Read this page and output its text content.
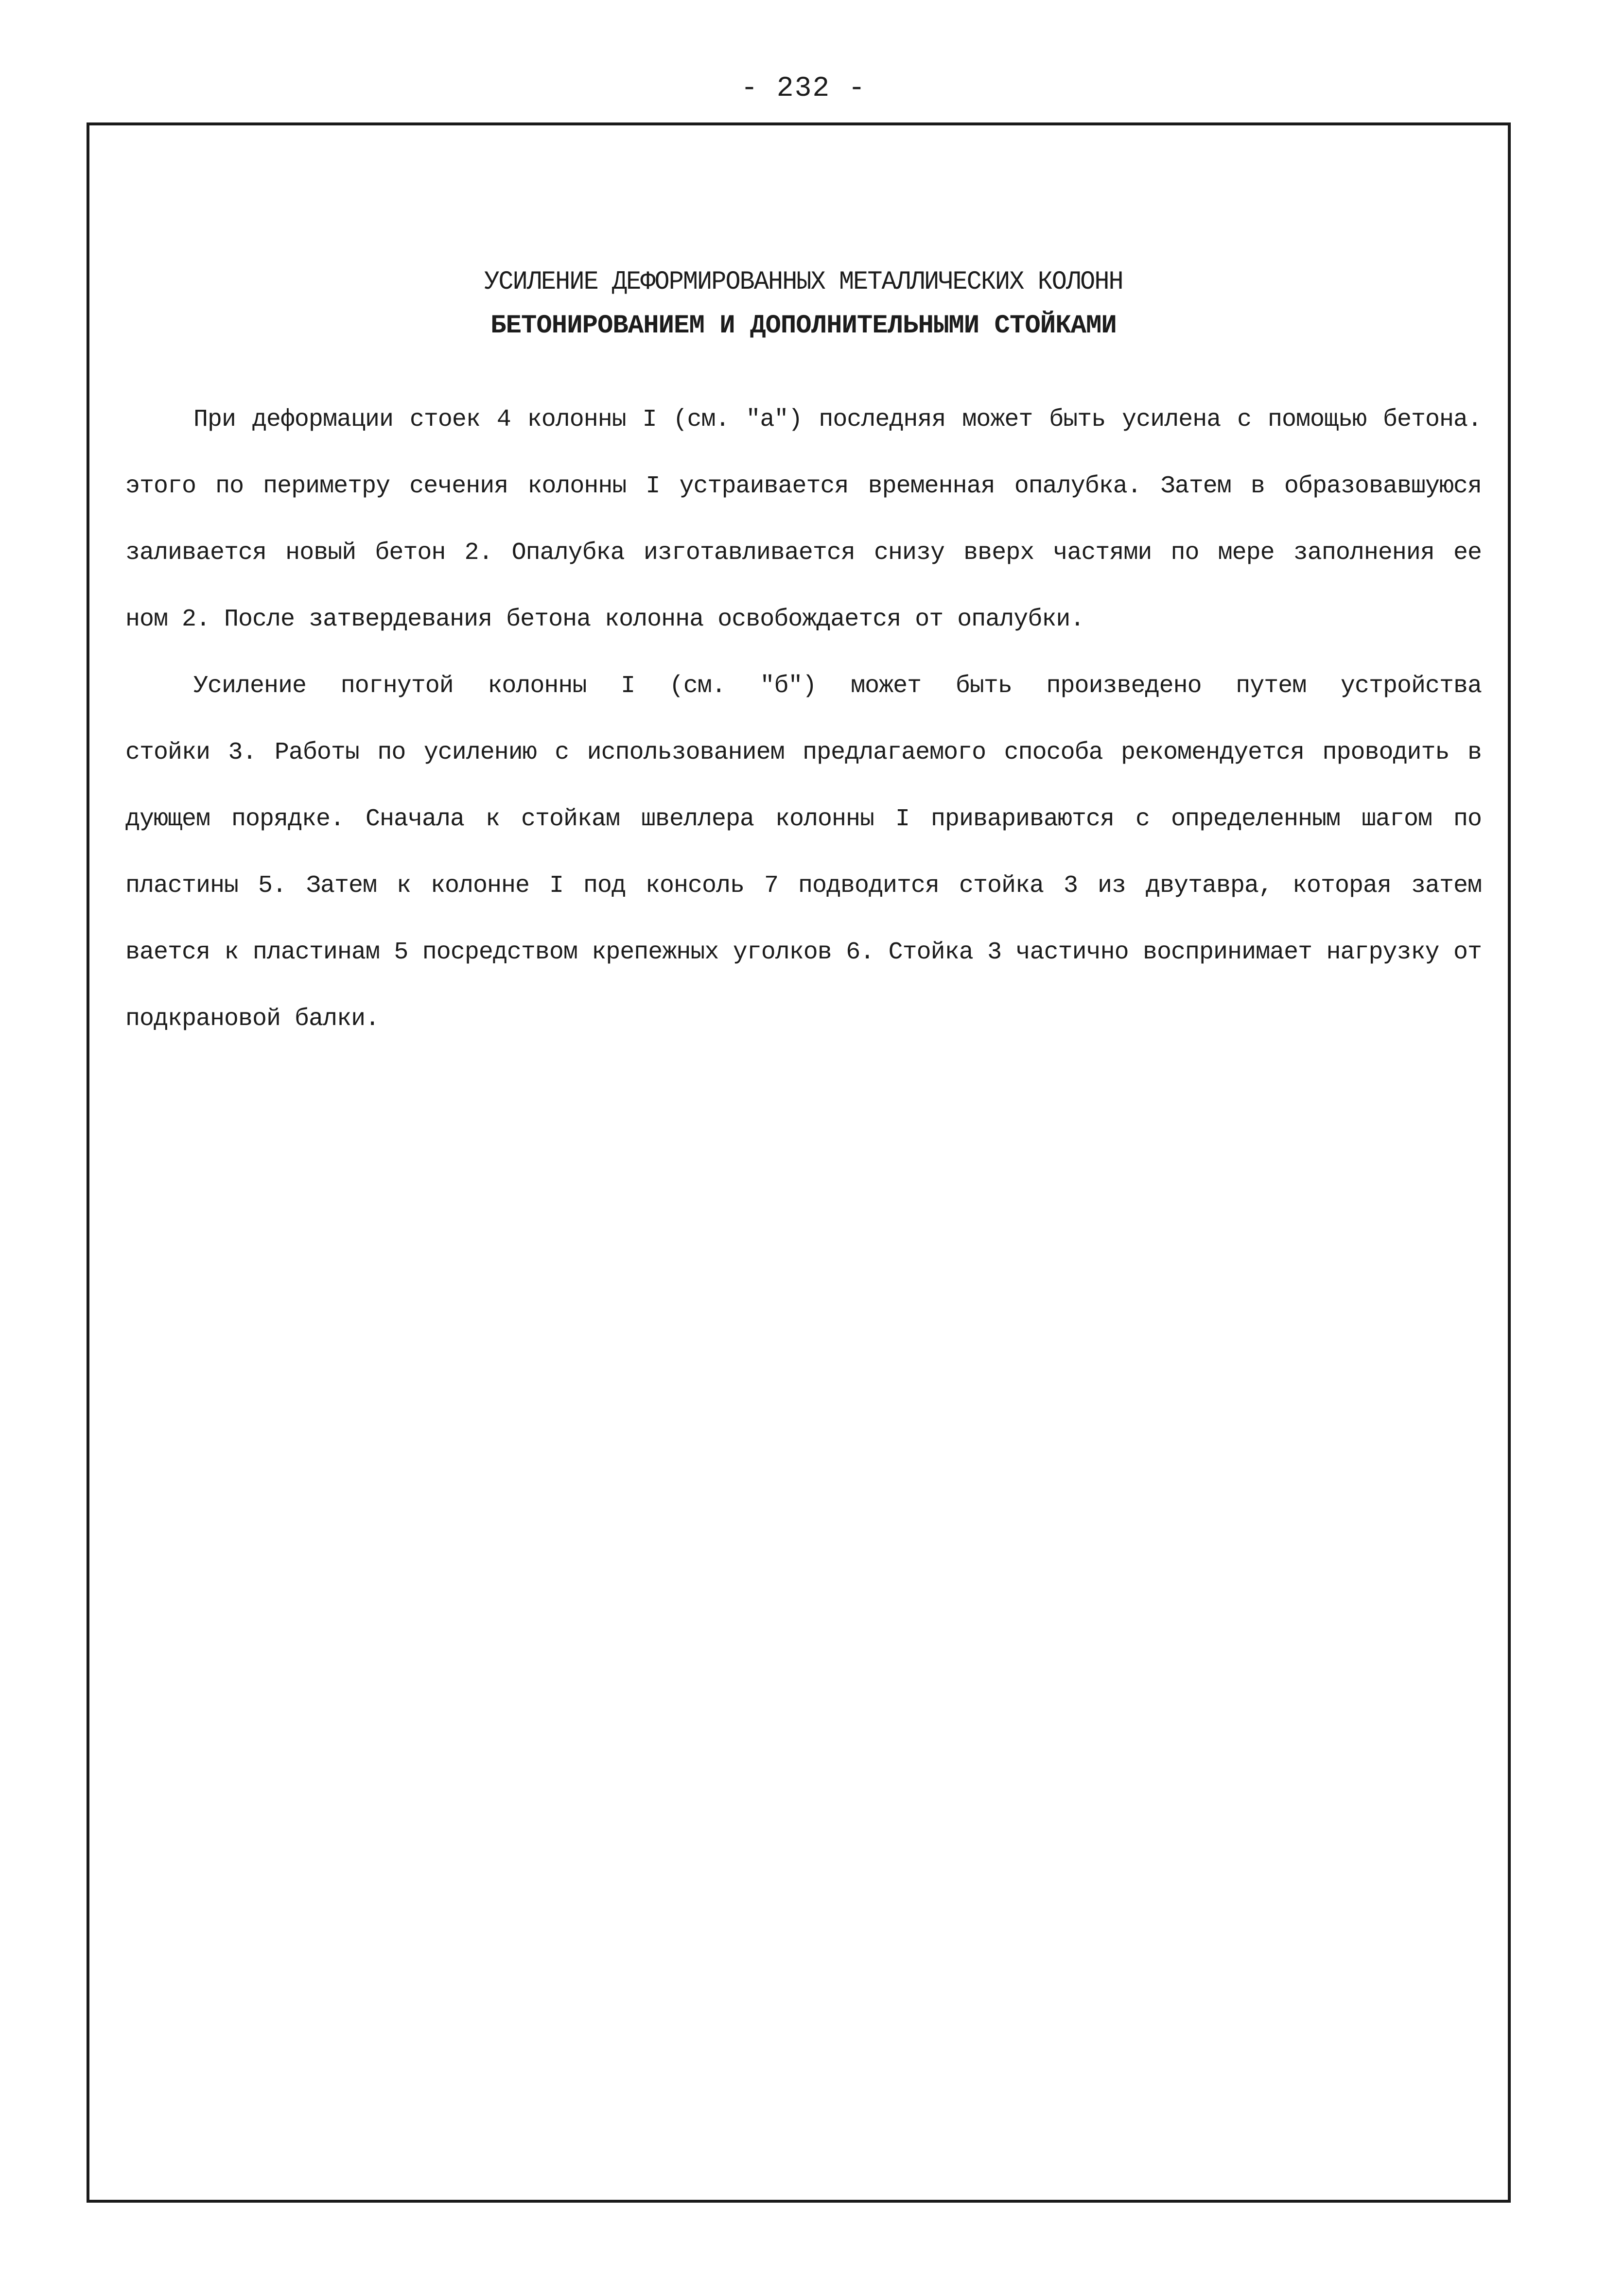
- 232 -
УСИЛЕНИЕ ДЕФОРМИРОВАННЫХ МЕТАЛЛИЧЕСКИХ КОЛОНН
БЕТОНИРОВАНИЕМ И ДОПОЛНИТЕЛЬНЫМИ СТОЙКАМИ
При деформации стоек 4 колонны I (см. "а") последняя может быть усилена с помощью бетона.
этого по периметру сечения колонны I устраивается временная опалубка. Затем в образовавшуюся
заливается новый бетон 2. Опалубка изготавливается снизу вверх частями по мере заполнения ее
ном 2. После затвердевания бетона колонна освобождается от опалубки.
Усиление погнутой колонны I (см. "б") может быть произведено путем устройства
стойки 3. Работы по усилению с использованием предлагаемого способа рекомендуется проводить в
дующем порядке. Сначала к стойкам швеллера колонны I привариваются с определенным шагом по
пластины 5. Затем к колонне I под консоль 7 подводится стойка 3 из двутавра, которая затем
вается к пластинам 5 посредством крепежных уголков 6. Стойка 3 частично воспринимает нагрузку от
подкрановой балки.
